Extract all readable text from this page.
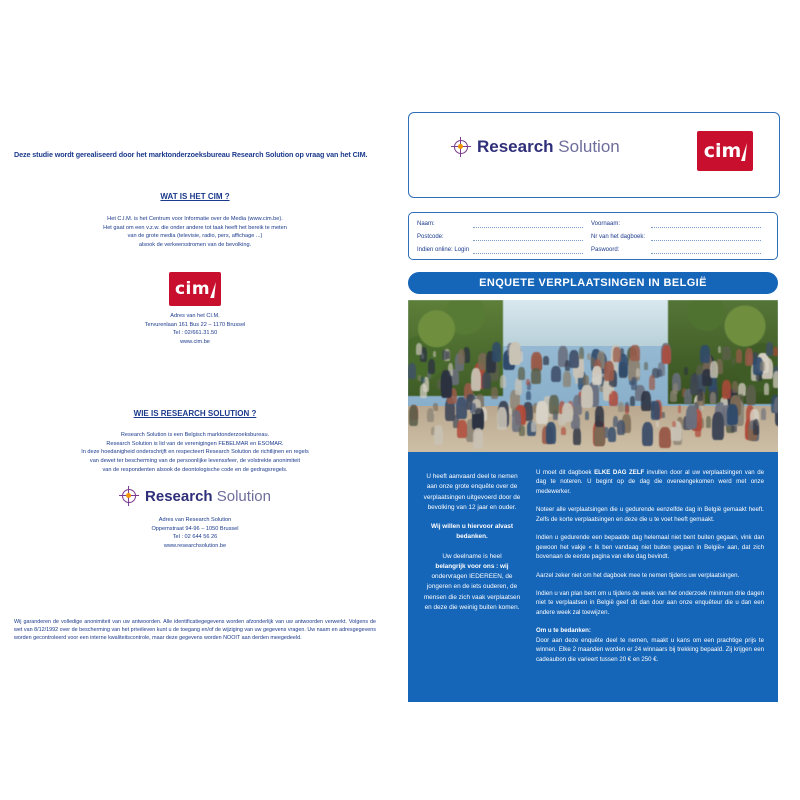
Deze studie wordt gerealiseerd door het marktonderzoeksbureau Research Solution op vraag van het CIM.
WAT IS HET CIM ?
Het C.I.M. is het Centrum voor Informatie over de Media (www.cim.be).
Het gaat om een v.z.w. die onder andere tot taak heeft het bereik te meten
van de grote media (televisie, radio, pers, affichage ...)
alsook de verkeersstromen van de bevolking.
cim
Adres van het CI.M.
Tervurenlaan 161 Bus 22 – 1170 Brussel
Tel : 02/661.31.50
www.cim.be
WIE IS RESEARCH SOLUTION ?
Research Solution is een Belgisch marktonderzoeksbureau.
Research Solution is lid van de verenigingen FEBELMAR en ESOMAR.
In deze hoedanigheid onderschrijft en respecteert Research Solution de richtlijnen en regels
van dewet ter bescherming van de persoonlijke levenssfeer, de volstrekte anonimiteit
van de respondenten alsook de deontologische code en de gedragsregels.
Research Solution
Adres van Research Solution
Oppemstraat 94-96 – 1050 Brussel
Tel : 02 644 56 26
www.researchsolution.be
Wij garanderen de volledige anonimiteit van uw antwoorden. Alle identificatiegegevens worden afzonderlijk van uw antwoorden verwerkt. Volgens de wet van 8/12/1992 over de bescherming van het privéleven kunt u de toegang en/of de wijziging van uw gegevens vragen. Uw naam en adresgegevens worden gecontroleerd voor een interne kwaliteitscontrole, maar deze gegevens worden NOOIT aan derden meegedeeld.
Research Solution	cim
Naam:	Voornaam:
Postcode:	Nr van het dagboek:
Indien online: Login	Paswoord:
ENQUETE VERPLAATSINGEN IN BELGIË
U heeft aanvaard deel te nemen aan onze grote enquête over de verplaatsingen uitgevoerd door de bevolking van 12 jaar en ouder.
Wij willen u hiervoor alvast bedanken.
Uw deelname is heel
belangrijk voor ons : wij
ondervragen IEDEREEN, de jongeren en de iets ouderen, de mensen die zich vaak verplaatsen en deze die weinig buiten komen.

U moet dit dagboek ELKE DAG ZELF invullen door al uw verplaatsingen van de dag te noteren. U begint op de dag die overeengekomen werd met onze medewerker.

Noteer alle verplaatsingen die u gedurende eenzelfde dag in België gemaakt heeft. Zelfs de korte verplaatsingen en deze die u te voet heeft gemaakt.

Indien u gedurende een bepaalde dag helemaal niet bent buiten gegaan, vink dan gewoon het vakje « Ik ben vandaag niet buiten gegaan in België» aan, dat zich bovenaan de eerste pagina van elke dag bevindt.

Aarzel zeker niet om het dagboek mee te nemen tijdens uw verplaatsingen.

Indien u van plan bent om u tijdens de week van het onderzoek minimum drie dagen niet te verplaatsen in België geef dit dan door aan onze enquêteur die u dan een andere week zal toewijzen.

Om u te bedanken:
Door aan deze enquête deel te nemen, maakt u kans om een prachtige prijs te winnen. Elke 2 maanden worden er 24 winnaars bij trekking bepaald. Zij krijgen een cadeaubon die varieert tussen 20 € en 250 €.
